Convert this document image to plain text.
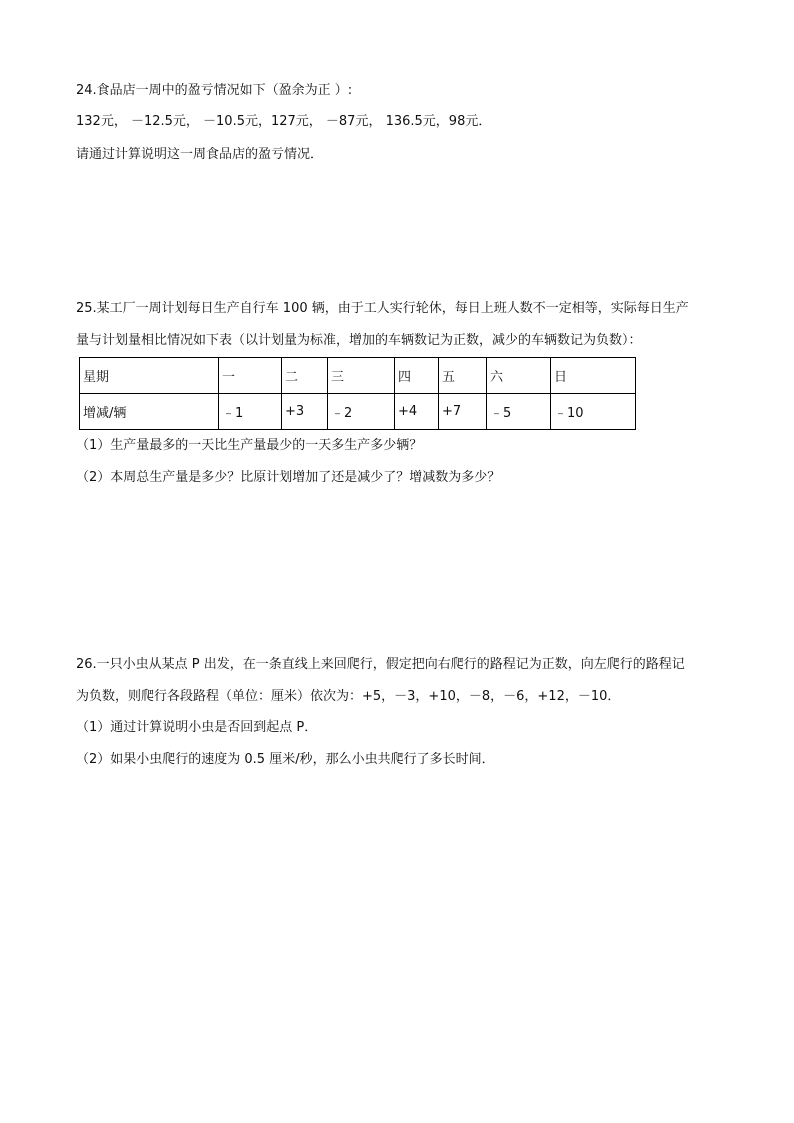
24.食品店一周中的盈亏情况如下（盈余为正 ）:
132元， －12.5元， －10.5元，127元， －87元， 136.5元，98元．
请通过计算说明这一周食品店的盈亏情况．
25.某工厂一周计划每日生产自行车 100 辆，由于工人实行轮休，每日上班人数不一定相等，实际每日生产
量与计划量相比情况如下表（以计划量为标准，增加的车辆数记为正数，减少的车辆数记为负数）：
星期	一	二	三	四	五	六	日
增减/辆	﹣1	+3	﹣2	+4	+7	﹣5	﹣10
（1）生产量最多的一天比生产量最少的一天多生产多少辆？
（2）本周总生产量是多少？比原计划增加了还是减少了？增减数为多少？
26.一只小虫从某点 P 出发，在一条直线上来回爬行，假定把向右爬行的路程记为正数，向左爬行的路程记
为负数，则爬行各段路程（单位：厘米）依次为：+5，－3，+10，－8，－6，+12，－10．
（1）通过计算说明小虫是否回到起点 P．
（2）如果小虫爬行的速度为 0.5 厘米/秒，那么小虫共爬行了多长时间．
